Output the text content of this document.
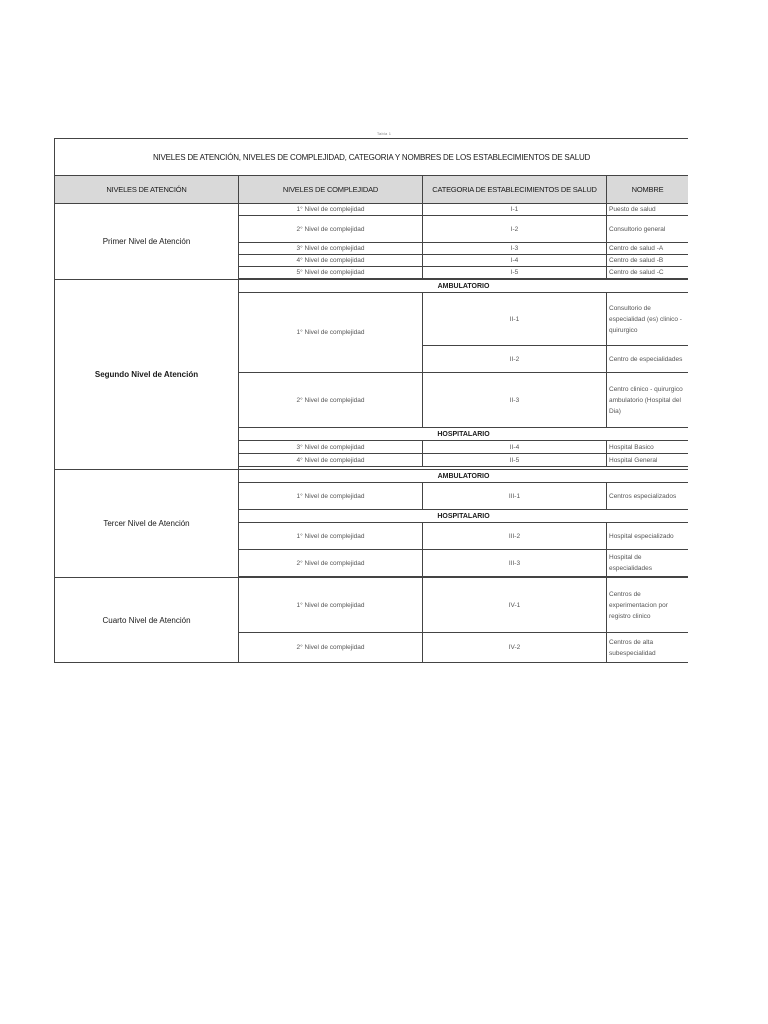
Tabla 1
NIVELES DE ATENCIÓN, NIVELES DE COMPLEJIDAD, CATEGORIA Y NOMBRES DE LOS ESTABLECIMIENTOS DE SALUD			
NIVELES DE ATENCIÓN	NIVELES DE COMPLEJIDAD	CATEGORIA DE ESTABLECIMIENTOS DE SALUD	NOMBRE
Primer Nivel de Atención	1° Nivel de complejidad	I-1	Puesto de salud
	2° Nivel de complejidad	I-2	Consultorio general
	3° Nivel de complejidad	I-3	Centro de salud -A
	4° Nivel de complejidad	I-4	Centro de salud -B
	5° Nivel de complejidad	I-5	Centro de salud -C

Segundo Nivel de Atención	AMBULATORIO		
	1° Nivel de complejidad	II-1	Consultorio de especialidad (es) clinico - quirurgico
		II-2	Centro de especialidades
	2° Nivel de complejidad	II-3	Centro clinico - quirurgico ambulatorio (Hospital del Dia)
	HOSPITALARIO		
	3° Nivel de complejidad	II-4	Hospital Basico
	4° Nivel de complejidad	II-5	Hospital General

Tercer Nivel de Atención	AMBULATORIO		
	1° Nivel de complejidad	III-1	Centros especializados
	HOSPITALARIO		
	1° Nivel de complejidad	III-2	Hospital especializado
	2° Nivel de complejidad	III-3	Hospital de especialidades

Cuarto Nivel de Atención	1° Nivel de complejidad	IV-1	Centros de experimentacion por registro clinico
	2° Nivel de complejidad	IV-2	Centros de alta subespecialidad
